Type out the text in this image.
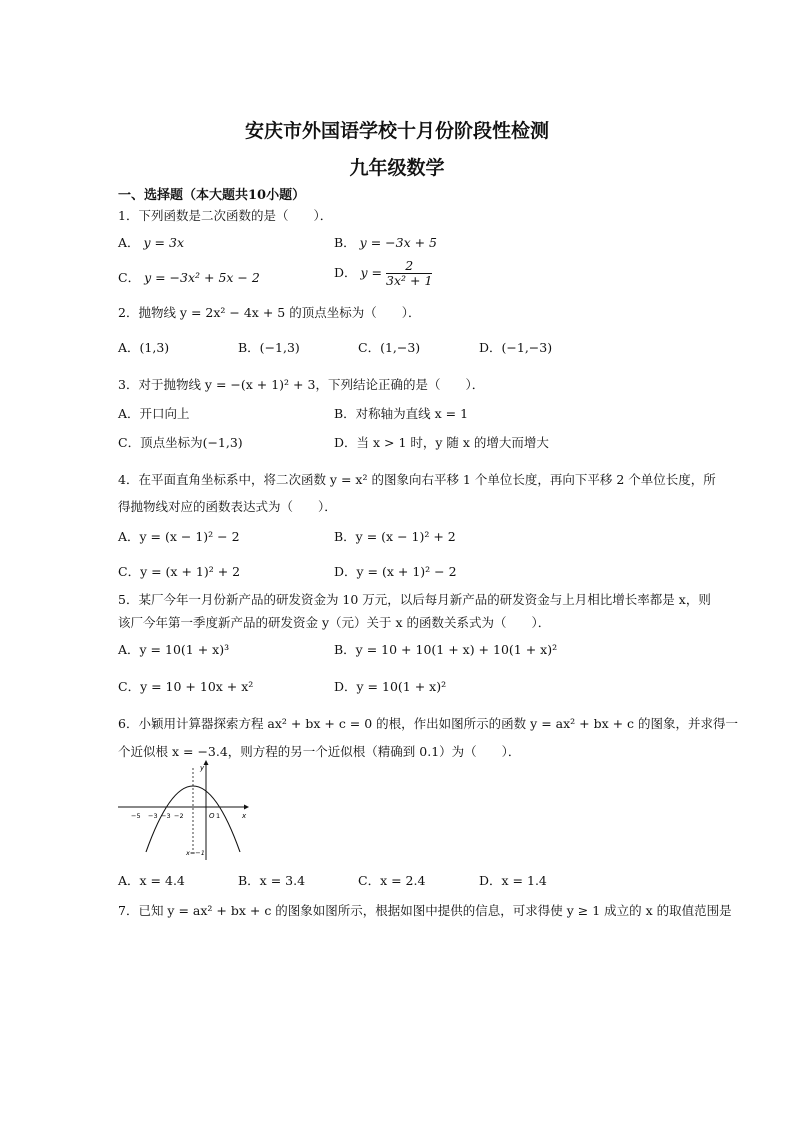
安庆市外国语学校十月份阶段性检测
九年级数学
一、选择题（本大题共10小题）
1．下列函数是二次函数的是（　　）．
A． y = 3x	B． y = −3x + 5
C． y = −3x² + 5x − 2	D． $y = \frac{2}{\text{3x² + 1}}$
2．抛物线 y = 2x² − 4x + 5 的顶点坐标为（　　）．
A．(1,3)	B．(−1,3)	C．(1,−3)	D．(−1,−3)
3．对于抛物线 y = −(x + 1)² + 3，下列结论正确的是（　　）．
A．开口向上	B．对称轴为直线 x = 1
C．顶点坐标为(−1,3)	D．当 x > 1 时，y 随 x 的增大而增大
4．在平面直角坐标系中，将二次函数 y = x² 的图象向右平移 1 个单位长度，再向下平移 2 个单位长度，所
得抛物线对应的函数表达式为（　　）．
A．y = (x − 1)² − 2	B．y = (x − 1)² + 2
C．y = (x + 1)² + 2	D．y = (x + 1)² − 2
5．某厂今年一月份新产品的研发资金为 10 万元，以后每月新产品的研发资金与上月相比增长率都是 x，则
该厂今年第一季度新产品的研发资金 y（元）关于 x 的函数关系式为（　　）．
A．y = 10(1 + x)³	B．y = 10 + 10(1 + x) + 10(1 + x)²
C．y = 10 + 10x + x²	D．y = 10(1 + x)²
6．小颖用计算器探索方程 ax² + bx + c = 0 的根，作出如图所示的函数 y = ax² + bx + c 的图象，并求得一
个近似根 x = −3.4，则方程的另一个近似根（精确到 0.1）为（　　）．
y
x
O
−5 −3 −3 −2	1
x=−1
A．x = 4.4	B．x = 3.4	C．x = 2.4	D．x = 1.4
7．已知 y = ax² + bx + c 的图象如图所示，根据如图中提供的信息，可求得使 y ≥ 1 成立的 x 的取值范围是
